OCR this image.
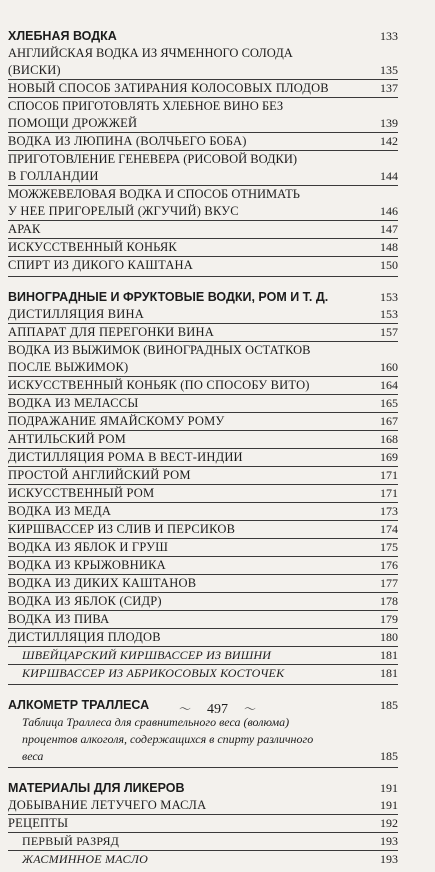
ХЛЕБНАЯ ВОДКА	133
АНГЛИЙСКАЯ ВОДКА ИЗ ЯЧМЕННОГО СОЛОДА
(ВИСКИ)	135
НОВЫЙ СПОСОБ ЗАТИРАНИЯ КОЛОСОВЫХ ПЛОДОВ	137
СПОСОБ ПРИГОТОВЛЯТЬ ХЛЕБНОЕ ВИНО БЕЗ
ПОМОЩИ ДРОЖЖЕЙ	139
ВОДКА ИЗ ЛЮПИНА (ВОЛЧЬЕГО БОБА)	142
ПРИГОТОВЛЕНИЕ ГЕНЕВЕРА (РИСОВОЙ ВОДКИ)
В ГОЛЛАНДИИ	144
МОЖЖЕВЕЛОВАЯ ВОДКА И СПОСОБ ОТНИМАТЬ
У НЕЕ ПРИГОРЕЛЫЙ (ЖГУЧИЙ) ВКУС	146
АРАК	147
ИСКУССТВЕННЫЙ КОНЬЯК	148
СПИРТ ИЗ ДИКОГО КАШТАНА	150
ВИНОГРАДНЫЕ И ФРУКТОВЫЕ ВОДКИ, РОМ И Т. Д.	153
ДИСТИЛЛЯЦИЯ ВИНА	153
АППАРАТ ДЛЯ ПЕРЕГОНКИ ВИНА	157
ВОДКА ИЗ ВЫЖИМОК (ВИНОГРАДНЫХ ОСТАТКОВ
ПОСЛЕ ВЫЖИМОК)	160
ИСКУССТВЕННЫЙ КОНЬЯК (ПО СПОСОБУ ВИТО)	164
ВОДКА ИЗ МЕЛАССЫ	165
ПОДРАЖАНИЕ ЯМАЙСКОМУ РОМУ	167
АНТИЛЬСКИЙ РОМ	168
ДИСТИЛЛЯЦИЯ РОМА В ВЕСТ-ИНДИИ	169
ПРОСТОЙ АНГЛИЙСКИЙ РОМ	171
ИСКУССТВЕННЫЙ РОМ	171
ВОДКА ИЗ МЕДА	173
КИРШВАССЕР ИЗ СЛИВ И ПЕРСИКОВ	174
ВОДКА ИЗ ЯБЛОК И ГРУШ	175
ВОДКА ИЗ КРЫЖОВНИКА	176
ВОДКА ИЗ ДИКИХ КАШТАНОВ	177
ВОДКА ИЗ ЯБЛОК (СИДР)	178
ВОДКА ИЗ ПИВА	179
ДИСТИЛЛЯЦИЯ ПЛОДОВ	180
ШВЕЙЦАРСКИЙ КИРШВАССЕР ИЗ ВИШНИ	181
КИРШВАССЕР ИЗ АБРИКОСОВЫХ КОСТОЧЕК	181
АЛКОМЕТР ТРАЛЛЕСА	185
Таблица Траллеса для сравнительного веса (волюма)
процентов алкоголя, содержащихся в спирту различного
веса	185
МАТЕРИАЛЫ ДЛЯ ЛИКЕРОВ	191
ДОБЫВАНИЕ ЛЕТУЧЕГО МАСЛА	191
РЕЦЕПТЫ	192
ПЕРВЫЙ РАЗРЯД	193
ЖАСМИННОЕ МАСЛО	193
〜 497 〜
